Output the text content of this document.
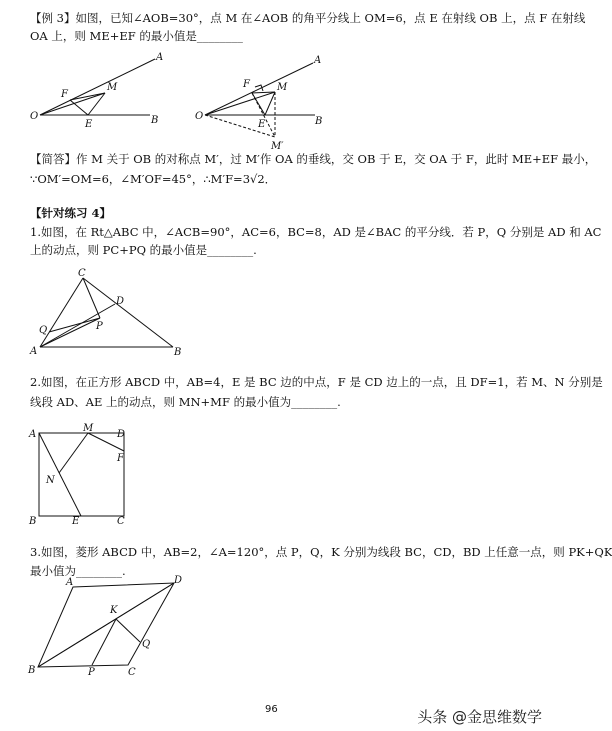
【例 3】如图，已知∠AOB=30°，点 M 在∠AOB 的角平分线上 OM=6，点 E 在射线 OB 上，点 F 在射线
OA 上，则 ME+EF 的最小值是________
O
A
B
M
F
E
O
A
B
M
F
E
M′
【简答】作 M 关于 OB 的对称点 M′，过 M′作 OA 的垂线，交 OB 于 E，交 OA 于 F，此时 ME+EF 最小，
∵OM′=OM=6，∠M′OF=45°，∴M′F=3√2．
【针对练习 4】
1.如图，在 Rt△ABC 中，∠ACB=90°，AC=6，BC=8，AD 是∠BAC 的平分线．若 P，Q 分别是 AD 和 AC
上的动点，则 PC+PQ 的最小值是________.
C
D
Q	P
A	B
2.如图，在正方形 ABCD 中，AB=4，E 是 BC 边的中点，F 是 CD 边上的一点，且 DF=1，若 M、N 分别是
线段 AD、AE 上的动点，则 MN+MF 的最小值为________.
A
M
D
F
N
B	E	C
3.如图，菱形 ABCD 中，AB=2，∠A=120°，点 P，Q，K 分别为线段 BC，CD，BD 上任意一点，则 PK+QK
最小值为________.
A	D
K
Q
B	P	C
96	头条 @金思维数学
